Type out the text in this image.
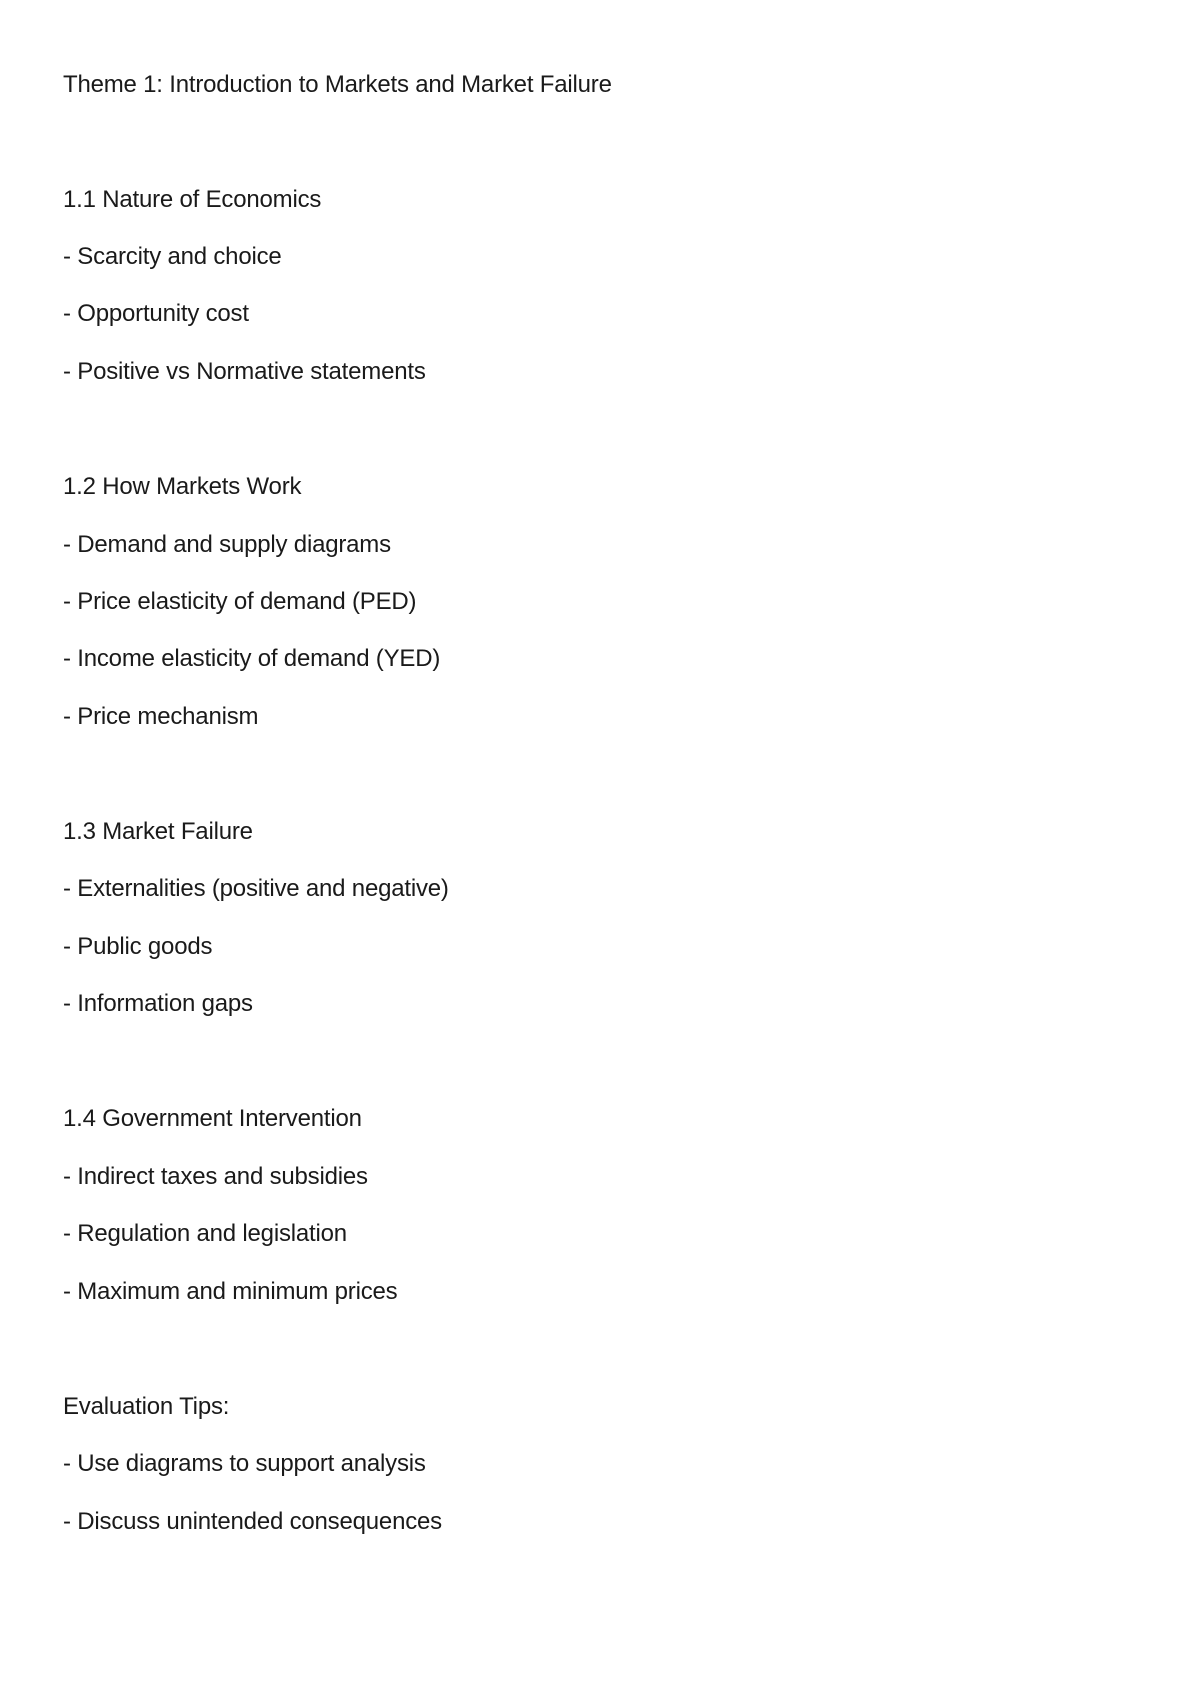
Theme 1: Introduction to Markets and Market Failure
1.1 Nature of Economics
- Scarcity and choice
- Opportunity cost
- Positive vs Normative statements
1.2 How Markets Work
- Demand and supply diagrams
- Price elasticity of demand (PED)
- Income elasticity of demand (YED)
- Price mechanism
1.3 Market Failure
- Externalities (positive and negative)
- Public goods
- Information gaps
1.4 Government Intervention
- Indirect taxes and subsidies
- Regulation and legislation
- Maximum and minimum prices
Evaluation Tips:
- Use diagrams to support analysis
- Discuss unintended consequences
